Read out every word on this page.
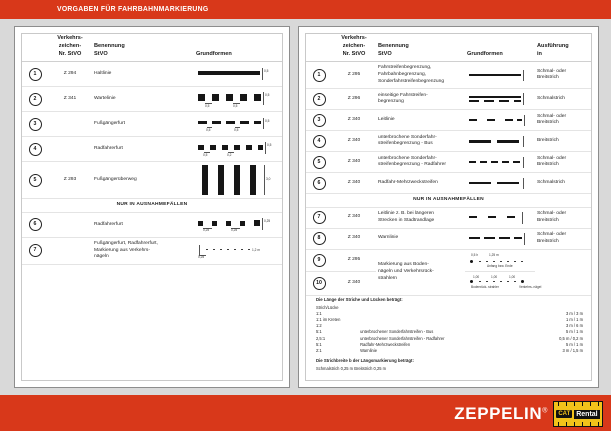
VORGABEN FÜR FAHRBAHNMARKIERUNG
	Verkehrs-
zeichen-
Nr. StVO	Benennung
StVO	Grundformen
1	Z 294	Haltlinie	0,5

2	Z 341	Wartelinie	0,5 0,5
0,5

3		Fußgängerfurt	0,5 0,5
0,5

4		Radfahrerfurt	0,5 0,2
0,5

5	Z 293	Fußgängerüberweg	3,0

NUR IN AUSNAHMEFÄLLEN			
6		Radfahrerfurt	0,25 0,25
0,25

7		Fußgängerfurt, Radfahrerfurt,
Markierung aus Verkehrs-
nägeln	0,25
1,2 m
	Verkehrs-
zeichen-
Nr. StVO	Benennung
StVO	Grundformen	Ausführung
in
1	Z 295	Fahrstreifenbegrenzung,
Fahrbahnbegrenzung,
Sonderfahrstreifenbegrenzung		Schmal- oder
Breitstrich
2	Z 296	einseitige Fahrstreifen-
begrenzung		Schmalstrich
3	Z 340	Leitlinie		Schmal- oder
Breitstrich
4	Z 340	unterbrochene Sonderfahr-
streifenbegrenzung - Bus		Breitstrich
5	Z 340	unterbrochene Sonderfahr-
streifenbegrenzung - Radfahrer		Schmal- oder
Breitstrich
6	Z 340	Radfahr-Mehrzweckstreifen		Schmalstrich
NUR IN AUSNAHMEFÄLLEN				
7	Z 340	Leitlinie z. B. bei längeren
Strecken in Stadtrandlage		Schmal- oder
Breitstrich
8	Z 340	Warnlinie		Schmal- oder
Breitstrich
9	Z 295	Markierung aus Boden-
nägeln und Verkehrsrück-
strahlern	
0,5 h	1,25 m
Anfang bzw. Ende

10	Z 340		1,00 1,00 1,00
Bodenrück- strahler Verkehrs- nägel	
Die Länge der Striche und Lücken beträgt:
Strich/Lücke		
1:1		3 m / 3 m
1:1 im Kreten		1 m / 1 m
1:2		3 m / 6 m
5:1	unterbrochener Sonderfahrstreifen - Bus	5 m / 1 m
2,5:1	unterbrochener Sonderfahrstreifen - Radfahrer	0,5 m / 0,2 m
5:1	Radfahr-Mehrzweckstreifen	5 m / 1 m
2:1	Warnlinie	3 m / 1,5 m
Die Strichbreite b der Längsmarkierung beträgt:
Schmalstrich 0,25 m Breitstrich 0,25 m
ZEPPELIN®	CAT Rental
